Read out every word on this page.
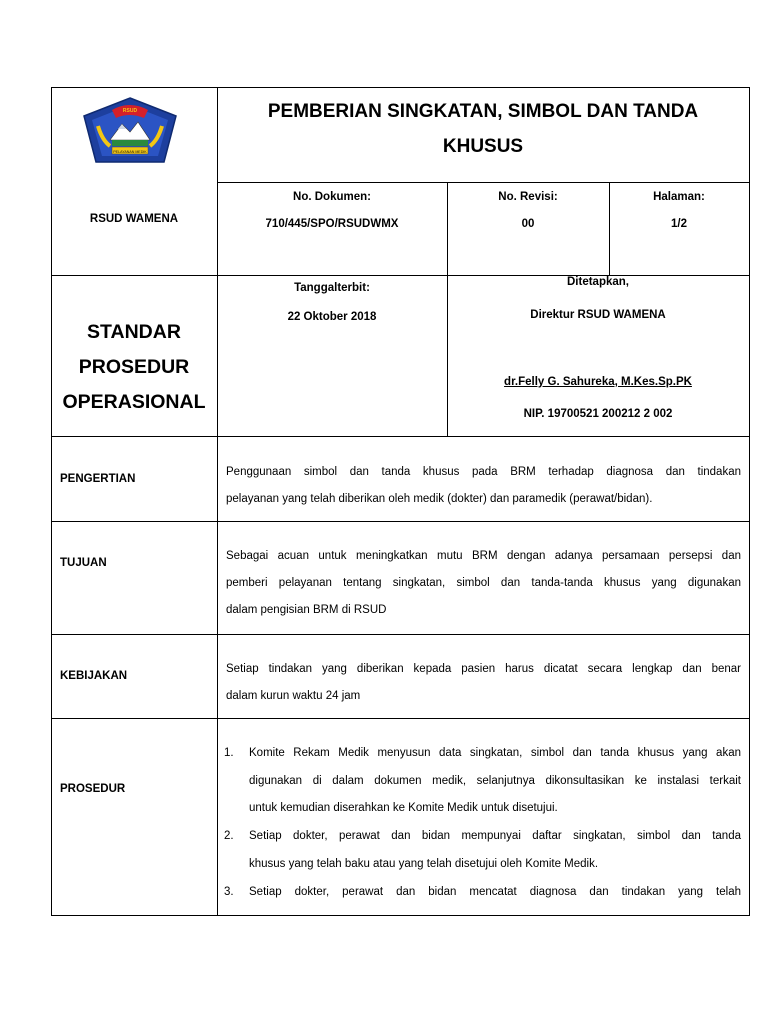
RSUD
PELAYANAN MEDIK
PEMBERIAN SINGKATAN, SIMBOL DAN TANDA
KHUSUS
RSUD WAMENA
No. Dokumen:
710/445/SPO/RSUDWMX
No. Revisi:
00
Halaman:
1/2
STANDAR
PROSEDUR
OPERASIONAL
Tanggalterbit:
22 Oktober 2018
Ditetapkan,
Direktur RSUD WAMENA
dr.Felly G. Sahureka, M.Kes.Sp.PK
NIP. 19700521 200212 2 002
PENGERTIAN
Penggunaan simbol dan tanda khusus pada BRM terhadap diagnosa dan tindakan
pelayanan yang telah diberikan oleh medik (dokter) dan paramedik (perawat/bidan).
TUJUAN
Sebagai acuan untuk meningkatkan mutu BRM dengan adanya persamaan persepsi dan
pemberi pelayanan tentang singkatan, simbol dan tanda-tanda khusus yang digunakan
dalam pengisian BRM di RSUD
KEBIJAKAN
Setiap tindakan yang diberikan kepada pasien harus dicatat secara lengkap dan benar
dalam kurun waktu 24 jam
PROSEDUR
1. Komite Rekam Medik menyusun data singkatan, simbol dan tanda khusus yang akan
digunakan di dalam dokumen medik, selanjutnya dikonsultasikan ke instalasi terkait
untuk kemudian diserahkan ke Komite Medik untuk disetujui.
2. Setiap dokter, perawat dan bidan mempunyai daftar singkatan, simbol dan tanda
khusus yang telah baku atau yang telah disetujui oleh Komite Medik.
3. Setiap dokter, perawat dan bidan mencatat diagnosa dan tindakan yang telah
